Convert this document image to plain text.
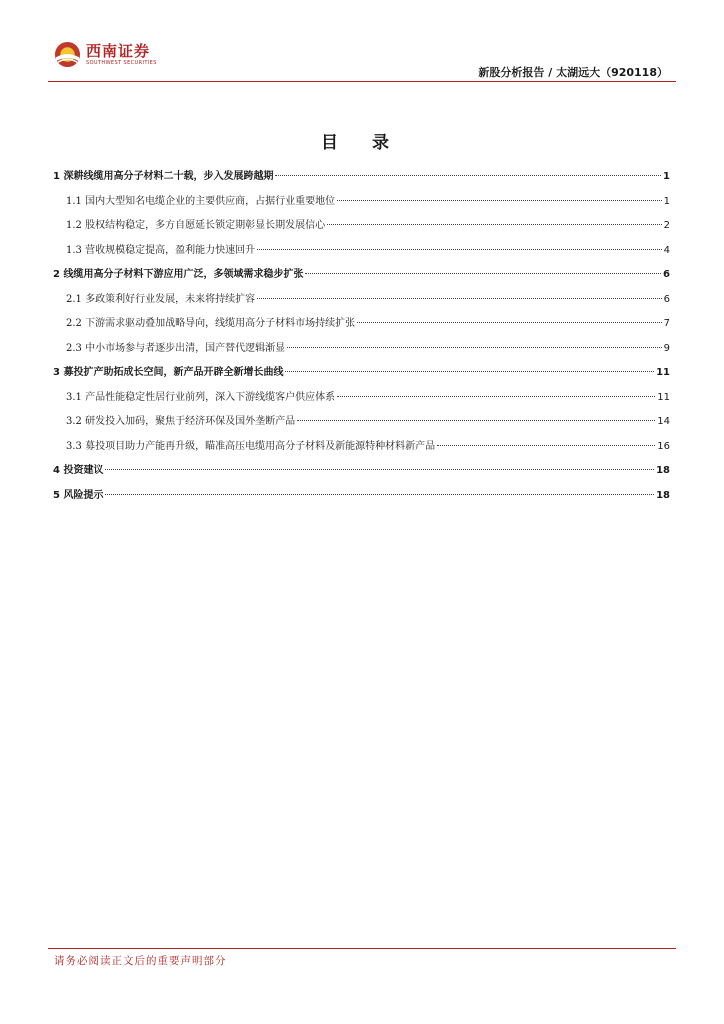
西南证券
SOUTHWEST SECURITIES
新股分析报告 / 太湖远大（920118）
目 录
1 深耕线缆用高分子材料二十载，步入发展跨越期	1
1.1 国内大型知名电缆企业的主要供应商，占据行业重要地位	1
1.2 股权结构稳定，多方自愿延长锁定期彰显长期发展信心	2
1.3 营收规模稳定提高，盈利能力快速回升	4
2 线缆用高分子材料下游应用广泛，多领域需求稳步扩张	6
2.1 多政策利好行业发展，未来将持续扩容	6
2.2 下游需求驱动叠加战略导向，线缆用高分子材料市场持续扩张	7
2.3 中小市场参与者逐步出清，国产替代逻辑渐显	9
3 募投扩产助拓成长空间，新产品开辟全新增长曲线	11
3.1 产品性能稳定性居行业前列，深入下游线缆客户供应体系	11
3.2 研发投入加码，聚焦于经济环保及国外垄断产品	14
3.3 募投项目助力产能再升级，瞄准高压电缆用高分子材料及新能源特种材料新产品	16
4 投资建议	18
5 风险提示	18
请务必阅读正文后的重要声明部分
